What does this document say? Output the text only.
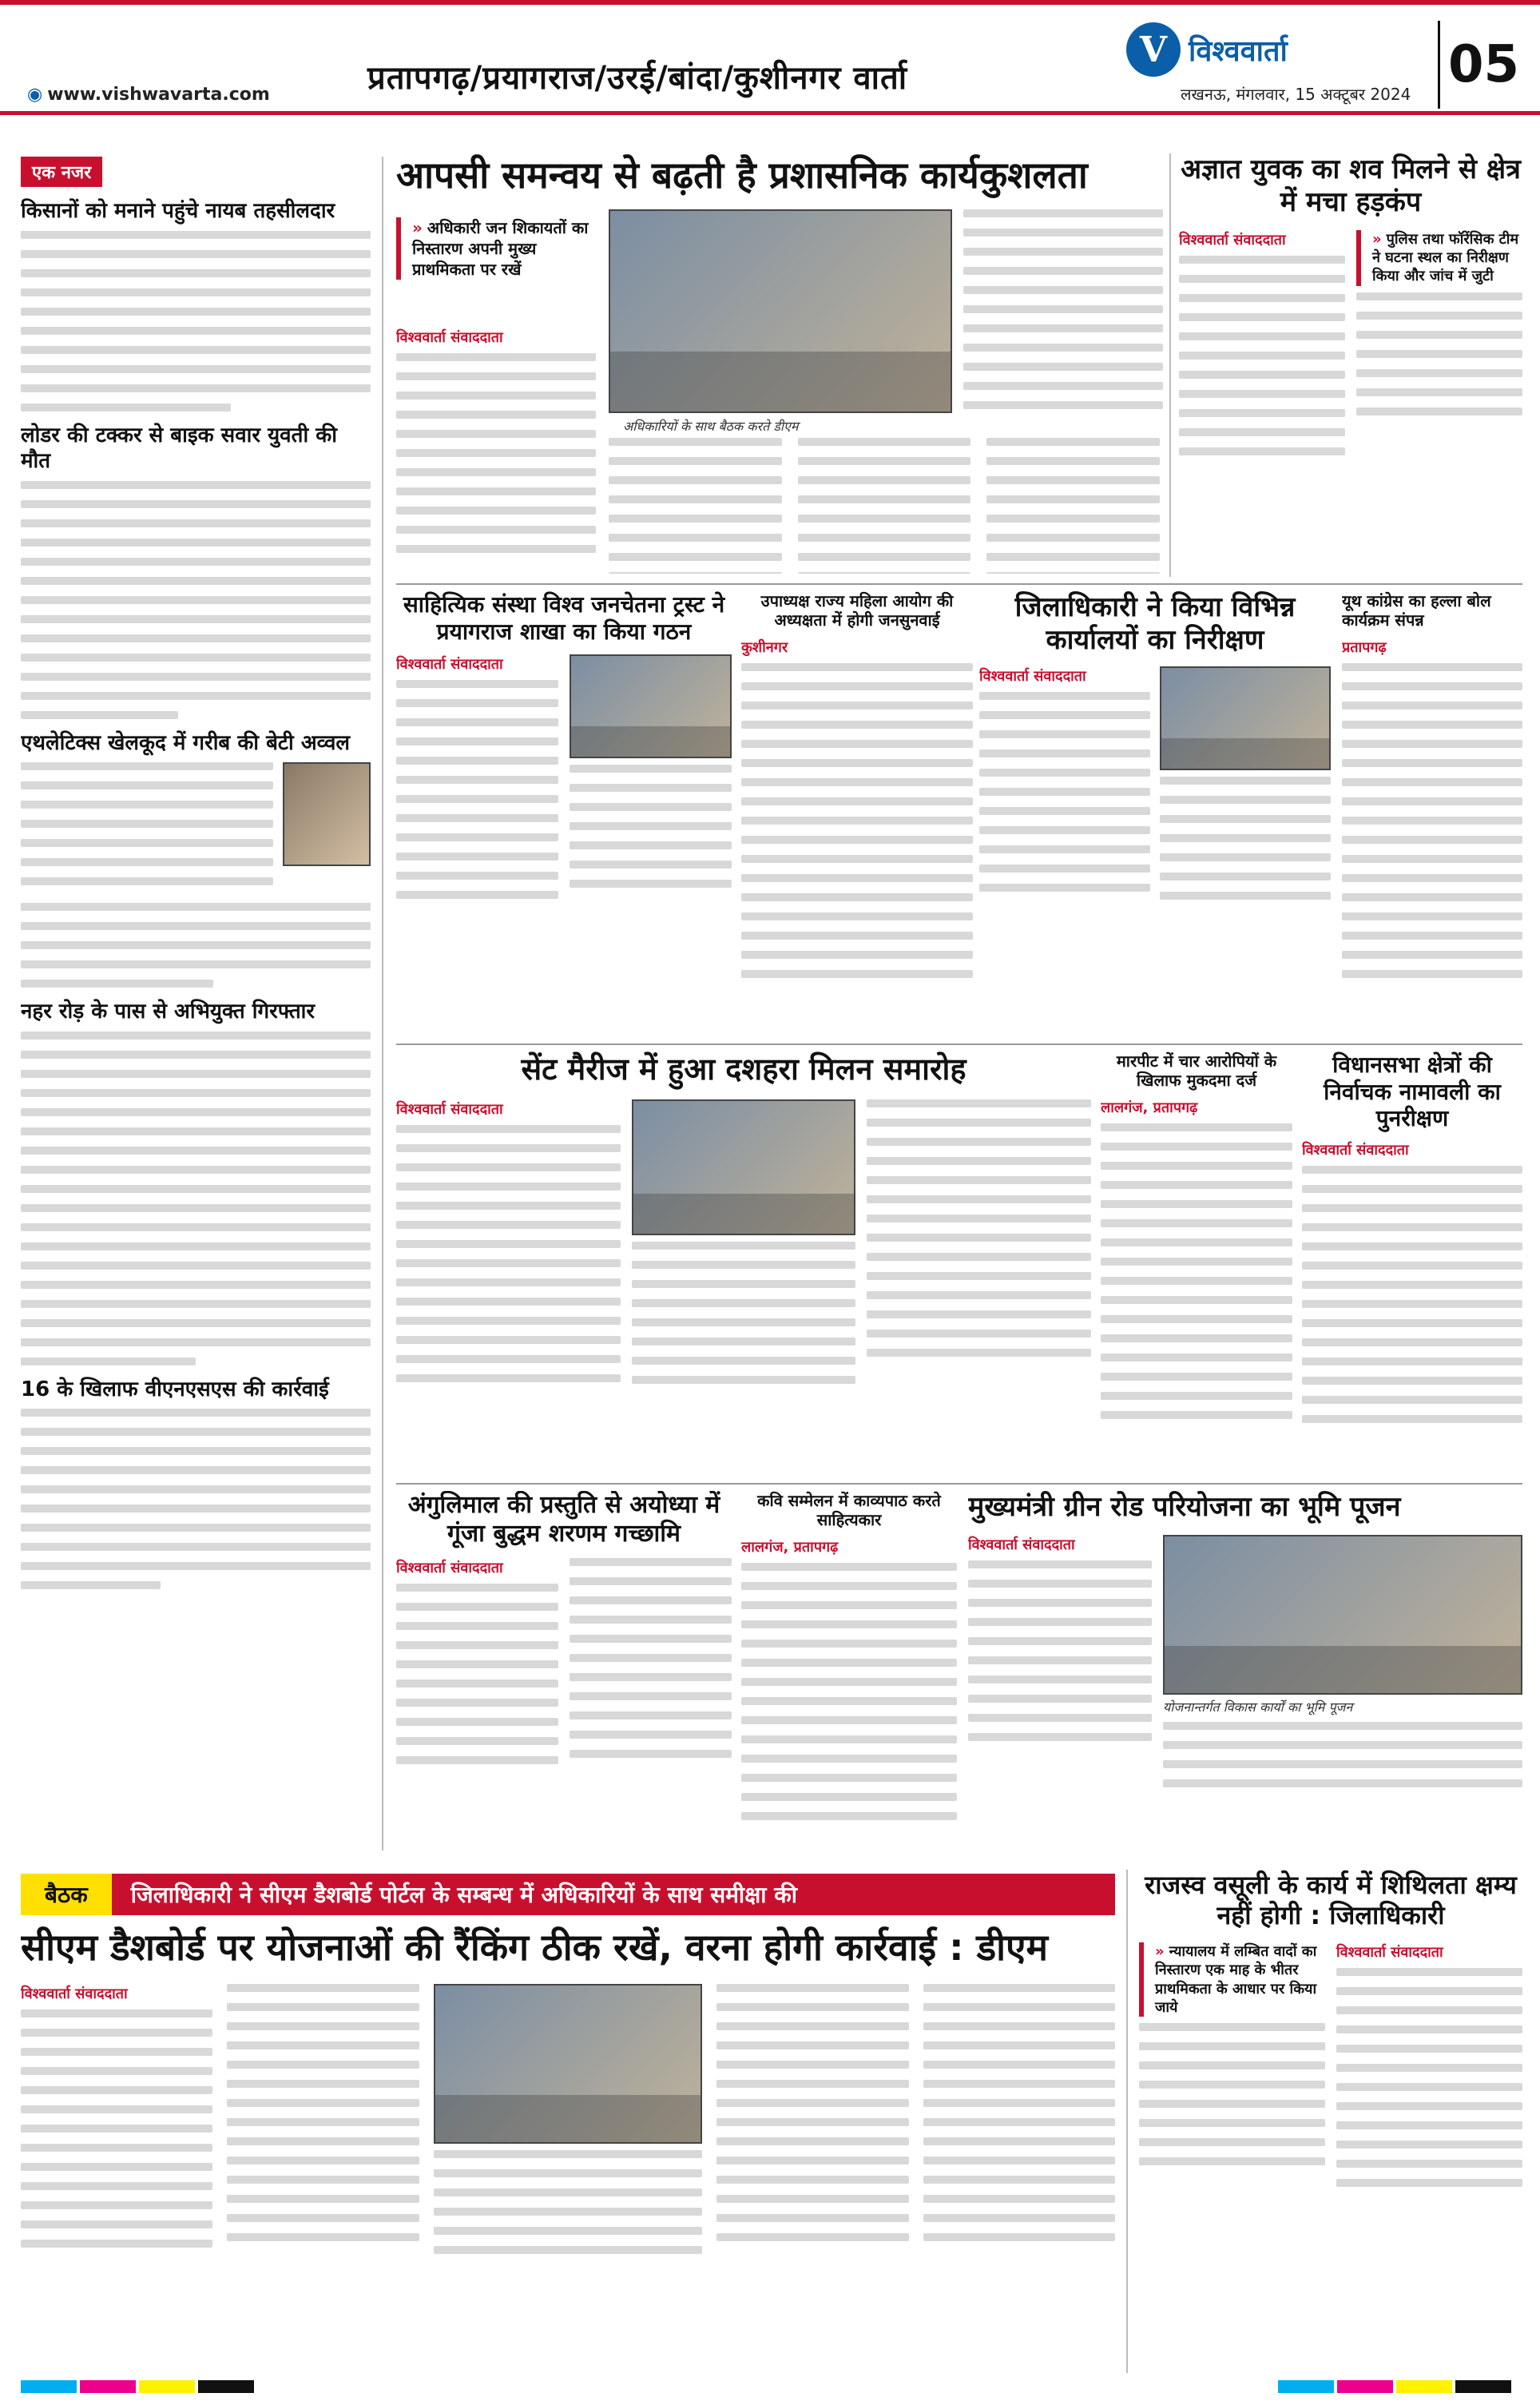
प्रतापगढ़/प्रयागराज/उरई/बांदा/कुशीनगर वार्ता
◉ www.vishwavarta.com
V विश्ववार्ता
लखनऊ, मंगलवार, 15 अक्टूबर 2024 05
एक नजर
किसानों को मनाने पहुंचे नायब तहसीलदार
लोडर की टक्कर से बाइक सवार युवती की मौत
एथलेटिक्स खेलकूद में गरीब की बेटी अव्वल
नहर रोड़ के पास से अभियुक्त गिरफ्तार
16 के खिलाफ वीएनएसएस की कार्रवाई
आपसी समन्वय से बढ़ती है प्रशासनिक कार्यकुशलता
» अधिकारी जन शिकायतों का निस्तारण अपनी मुख्य प्राथमिकता पर रखें
विश्ववार्ता संवाददाता
अधिकारियों के साथ बैठक करते डीएम
अज्ञात युवक का शव मिलने से क्षेत्र में मचा हड़कंप
विश्ववार्ता संवाददाता	» पुलिस तथा फॉरेंसिक टीम ने घटना स्थल का निरीक्षण किया और जांच में जुटी
साहित्यिक संस्था विश्व जनचेतना ट्रस्ट ने प्रयागराज शाखा का किया गठन
विश्ववार्ता संवाददाता
उपाध्यक्ष राज्य महिला आयोग की अध्यक्षता में होगी जनसुनवाई
कुशीनगर
जिलाधिकारी ने किया विभिन्न कार्यालयों का निरीक्षण
विश्ववार्ता संवाददाता
यूथ कांग्रेस का हल्ला बोल कार्यक्रम संपन्न
प्रतापगढ़
सेंट मैरीज में हुआ दशहरा मिलन समारोह
विश्ववार्ता संवाददाता
मारपीट में चार आरोपियों के खिलाफ मुकदमा दर्ज
लालगंज, प्रतापगढ़
विधानसभा क्षेत्रों की निर्वाचक नामावली का पुनरीक्षण
विश्ववार्ता संवाददाता
अंगुलिमाल की प्रस्तुति से अयोध्या में गूंजा बुद्धम शरणम गच्छामि
विश्ववार्ता संवाददाता
कवि सम्मेलन में काव्यपाठ करते साहित्यकार
लालगंज, प्रतापगढ़
मुख्यमंत्री ग्रीन रोड परियोजना का भूमि पूजन
विश्ववार्ता संवाददाता
योजनान्तर्गत विकास कार्यों का भूमि पूजन
बैठक	जिलाधिकारी ने सीएम डैशबोर्ड पोर्टल के सम्बन्ध में अधिकारियों के साथ समीक्षा की
सीएम डैशबोर्ड पर योजनाओं की रैंकिंग ठीक रखें, वरना होगी कार्रवाई : डीएम
विश्ववार्ता संवाददाता
राजस्व वसूली के कार्य में शिथिलता क्षम्य नहीं होगी : जिलाधिकारी
» न्यायालय में लम्बित वादों का निस्तारण एक माह के भीतर प्राथमिकता के आधार पर किया जाये
विश्ववार्ता संवाददाता
